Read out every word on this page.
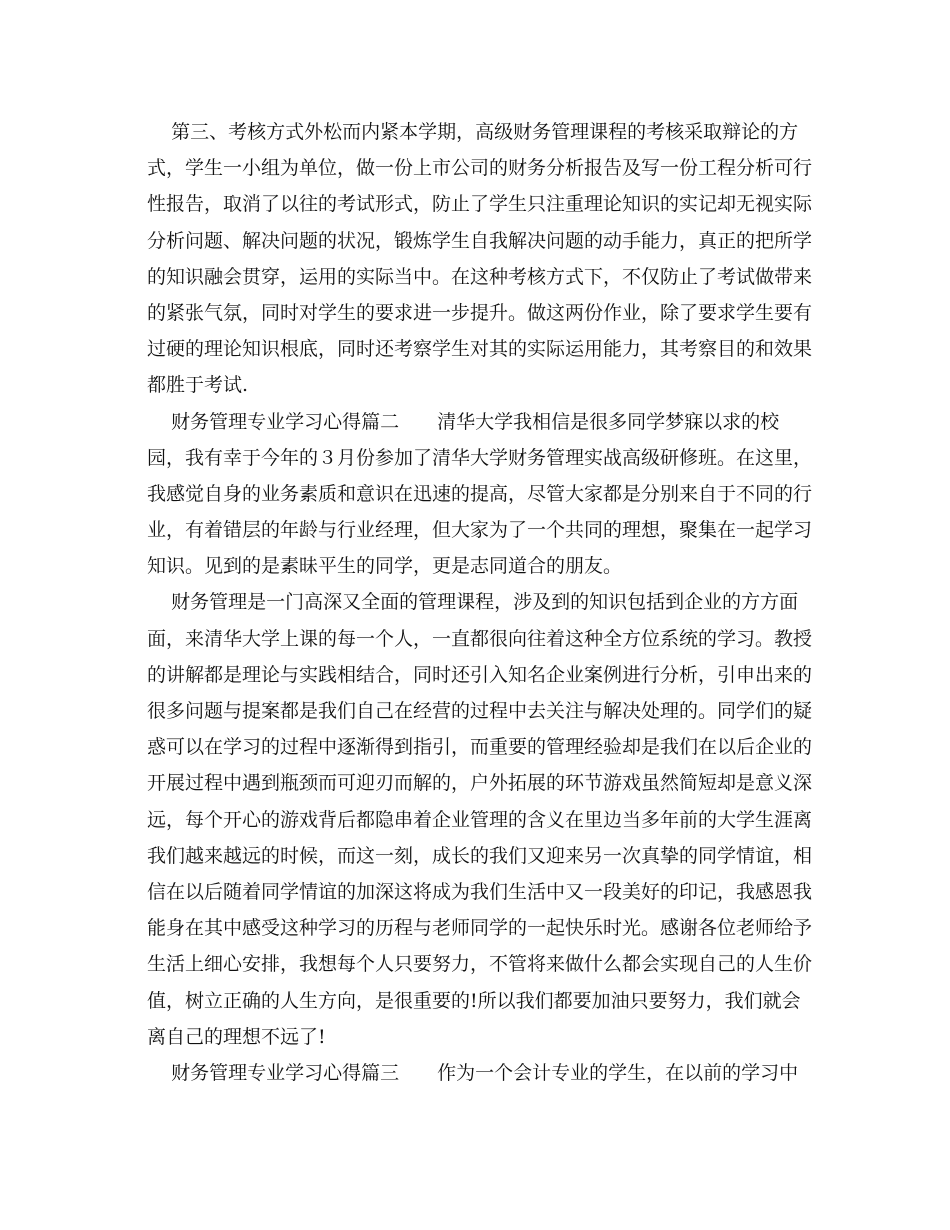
第三、考核方式外松而内紧本学期，高级财务管理课程的考核采取辩论的方
式，学生一小组为单位，做一份上市公司的财务分析报告及写一份工程分析可行
性报告，取消了以往的考试形式，防止了学生只注重理论知识的实记却无视实际
分析问题、解决问题的状况，锻炼学生自我解决问题的动手能力，真正的把所学
的知识融会贯穿，运用的实际当中。在这种考核方式下，不仅防止了考试做带来
的紧张气氛，同时对学生的要求进一步提升。做这两份作业，除了要求学生要有
过硬的理论知识根底，同时还考察学生对其的实际运用能力，其考察目的和效果
都胜于考试.
财务管理专业学习心得篇二　　清华大学我相信是很多同学梦寐以求的校
园，我有幸于今年的３月份参加了清华大学财务管理实战高级研修班。在这里，
我感觉自身的业务素质和意识在迅速的提高，尽管大家都是分别来自于不同的行
业，有着错层的年龄与行业经理，但大家为了一个共同的理想，聚集在一起学习
知识。见到的是素昧平生的同学，更是志同道合的朋友。
财务管理是一门高深又全面的管理课程，涉及到的知识包括到企业的方方面
面，来清华大学上课的每一个人，一直都很向往着这种全方位系统的学习。教授
的讲解都是理论与实践相结合，同时还引入知名企业案例进行分析，引申出来的
很多问题与提案都是我们自己在经营的过程中去关注与解决处理的。同学们的疑
惑可以在学习的过程中逐渐得到指引，而重要的管理经验却是我们在以后企业的
开展过程中遇到瓶颈而可迎刃而解的，户外拓展的环节游戏虽然简短却是意义深
远，每个开心的游戏背后都隐串着企业管理的含义在里边当多年前的大学生涯离
我们越来越远的时候，而这一刻，成长的我们又迎来另一次真挚的同学情谊，相
信在以后随着同学情谊的加深这将成为我们生活中又一段美好的印记，我感恩我
能身在其中感受这种学习的历程与老师同学的一起快乐时光。感谢各位老师给予
生活上细心安排，我想每个人只要努力，不管将来做什么都会实现自己的人生价
值，树立正确的人生方向，是很重要的!所以我们都要加油只要努力，我们就会
离自己的理想不远了!
财务管理专业学习心得篇三　　作为一个会计专业的学生，在以前的学习中
